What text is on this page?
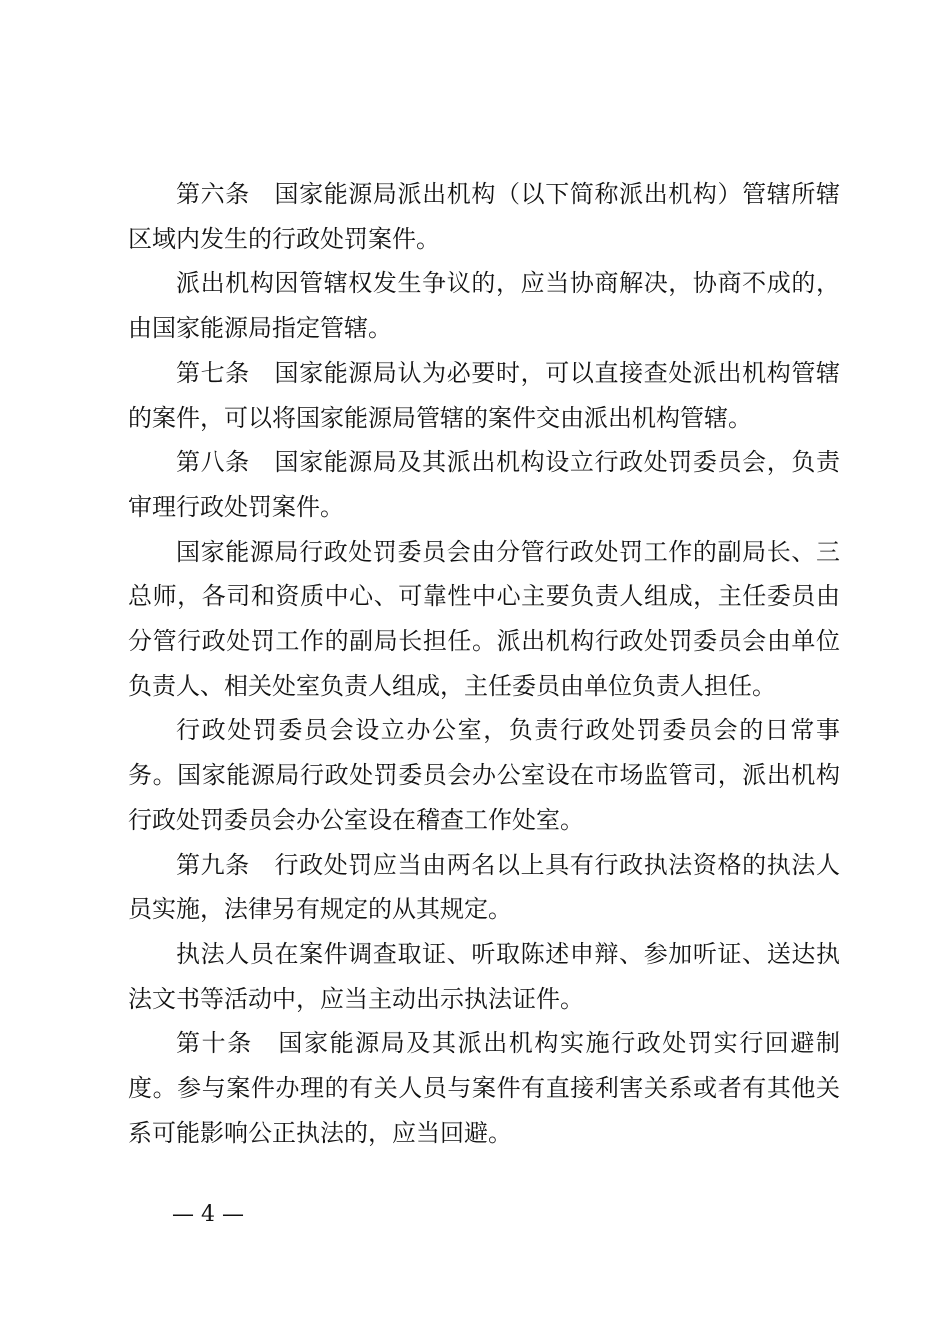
第六条　国家能源局派出机构（以下简称派出机构）管辖所辖区域内发生的行政处罚案件。

派出机构因管辖权发生争议的，应当协商解决，协商不成的，由国家能源局指定管辖。

第七条　国家能源局认为必要时，可以直接查处派出机构管辖的案件，可以将国家能源局管辖的案件交由派出机构管辖。

第八条　国家能源局及其派出机构设立行政处罚委员会，负责审理行政处罚案件。

国家能源局行政处罚委员会由分管行政处罚工作的副局长、三总师，各司和资质中心、可靠性中心主要负责人组成，主任委员由分管行政处罚工作的副局长担任。派出机构行政处罚委员会由单位负责人、相关处室负责人组成，主任委员由单位负责人担任。

行政处罚委员会设立办公室，负责行政处罚委员会的日常事务。国家能源局行政处罚委员会办公室设在市场监管司，派出机构行政处罚委员会办公室设在稽查工作处室。

第九条　行政处罚应当由两名以上具有行政执法资格的执法人员实施，法律另有规定的从其规定。

执法人员在案件调查取证、听取陈述申辩、参加听证、送达执法文书等活动中，应当主动出示执法证件。

第十条　国家能源局及其派出机构实施行政处罚实行回避制度。参与案件办理的有关人员与案件有直接利害关系或者有其他关系可能影响公正执法的，应当回避。

— 4 —
